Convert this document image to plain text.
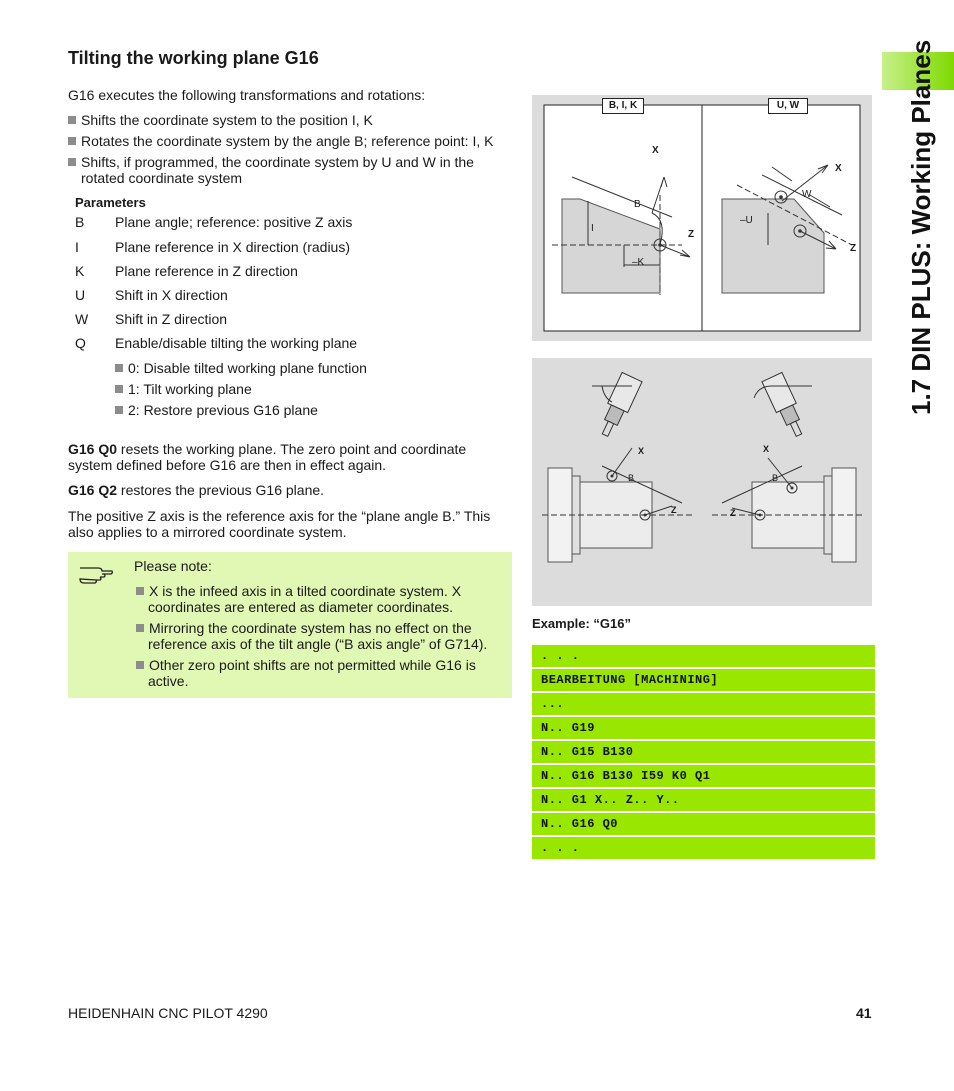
1.7 DIN PLUS: Working Planes
Tilting the working plane G16
G16 executes the following transformations and rotations:
Shifts the coordinate system to the position I, K
Rotates the coordinate system by the angle B; reference point: I, K
Shifts, if programmed, the coordinate system by U and W in the rotated coordinate system
Parameters
B Plane angle; reference: positive Z axis
I	Plane reference in X direction (radius)
K Plane reference in Z direction
U Shift in X direction
W Shift in Z direction
Q Enable/disable tilting the working plane
0: Disable tilted working plane function
1: Tilt working plane
2: Restore previous G16 plane
G16 Q0 resets the working plane. The zero point and coordinate
system defined before G16 are then in effect again.
G16 Q2 restores the previous G16 plane.
The positive Z axis is the reference axis for the “plane angle B.” This
also applies to a mirrored coordinate system.
Please note:
X is the infeed axis in a tilted coordinate system. X
coordinates are entered as diameter coordinates.
Mirroring the coordinate system has no effect on the
reference axis of the tilt angle (“B axis angle” of G714).
Other zero point shifts are not permitted while G16 is
active.
B, I, K	U, W
X
Z
B
I
–K
X
Z
W
–U
X
Z
B
X
Z
B
Example: “G16”
. . .
BEARBEITUNG [MACHINING]
...
N.. G19
N.. G15 B130
N.. G16 B130 I59 K0 Q1
N.. G1 X.. Z.. Y..
N.. G16 Q0
. . .
HEIDENHAIN CNC PILOT 4290	41
